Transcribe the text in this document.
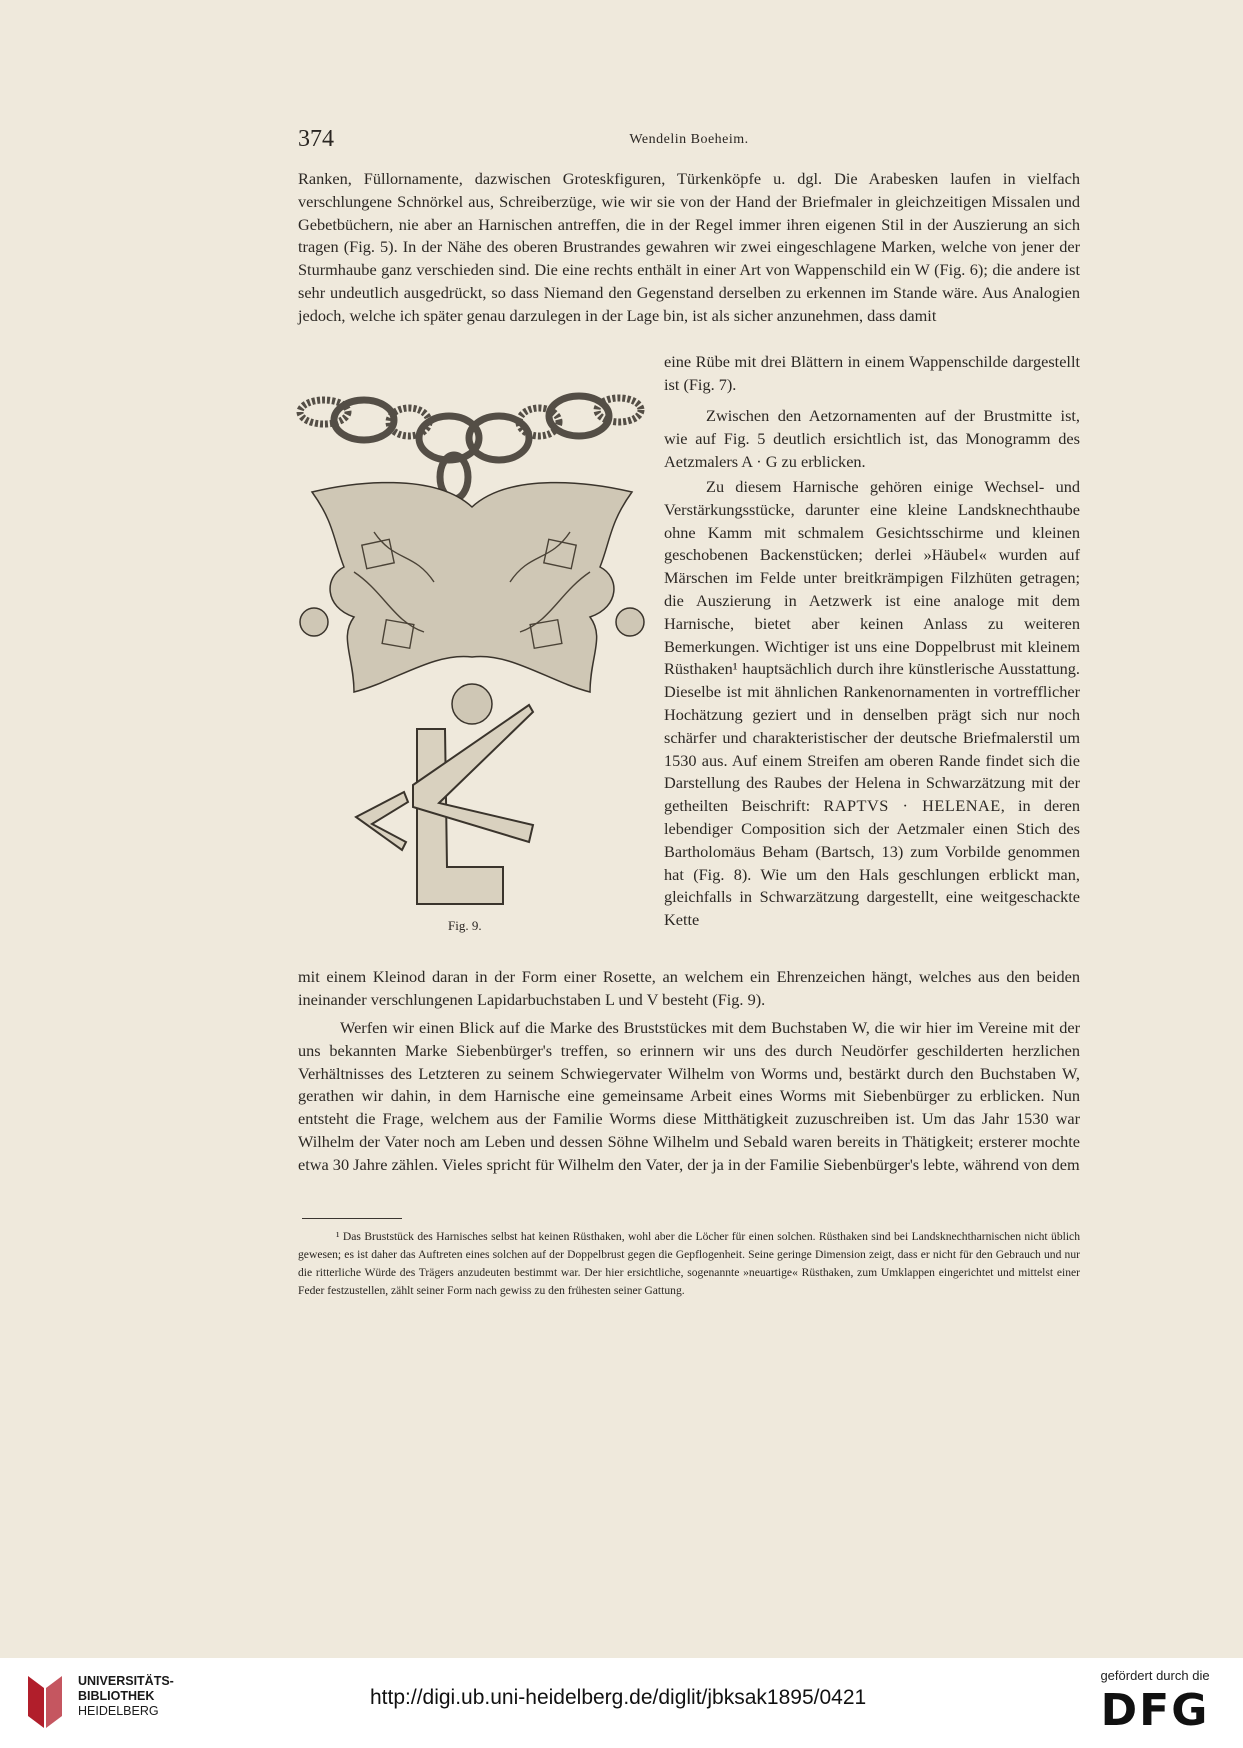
374	Wendelin Boeheim.

Ranken, Füllornamente, dazwischen Groteskfiguren, Türkenköpfe u. dgl. Die Arabesken laufen in vielfach verschlungene Schnörkel aus, Schreiberzüge, wie wir sie von der Hand der Briefmaler in gleichzeitigen Missalen und Gebetbüchern, nie aber an Harnischen antreffen, die in der Regel immer ihren eigenen Stil in der Auszierung an sich tragen (Fig. 5). In der Nähe des oberen Brustrandes gewahren wir zwei eingeschlagene Marken, welche von jener der Sturmhaube ganz verschieden sind. Die eine rechts enthält in einer Art von Wappenschild ein W (Fig. 6); die andere ist sehr undeutlich ausgedrückt, so dass Niemand den Gegenstand derselben zu erkennen im Stande wäre. Aus Analogien jedoch, welche ich später genau darzulegen in der Lage bin, ist als sicher anzunehmen, dass damit

eine Rübe mit drei Blättern in einem Wappenschilde dargestellt ist (Fig. 7).

Zwischen den Aetzornamenten auf der Brustmitte ist, wie auf Fig. 5 deutlich ersichtlich ist, das Monogramm des Aetzmalers A · G zu erblicken.

Zu diesem Harnische gehören einige Wechsel- und Verstärkungsstücke, darunter eine kleine Landsknechthaube ohne Kamm mit schmalem Gesichtsschirme und kleinen geschobenen Backenstücken; derlei »Häubel« wurden auf Märschen im Felde unter breitkrämpigen Filzhüten getragen; die Auszierung in Aetzwerk ist eine analoge mit dem Harnische, bietet aber keinen Anlass zu weiteren Bemerkungen. Wichtiger ist uns eine Doppelbrust mit kleinem Rüsthaken¹ hauptsächlich durch ihre künstlerische Ausstattung. Dieselbe ist mit ähnlichen Rankenornamenten in vortrefflicher Hochätzung geziert und in denselben prägt sich nur noch schärfer und charakteristischer der deutsche Briefmalerstil um 1530 aus. Auf einem Streifen am oberen Rande findet sich die Darstellung des Raubes der Helena in Schwarzätzung mit der getheilten Beischrift: RAPTVS · HELENAE, in deren lebendiger Composition sich der Aetzmaler einen Stich des Bartholomäus Beham (Bartsch, 13) zum Vorbilde genommen hat (Fig. 8). Wie um den Hals geschlungen erblickt man, gleichfalls in Schwarzätzung dargestellt, eine weitgeschackte Kette

mit einem Kleinod daran in der Form einer Rosette, an welchem ein Ehrenzeichen hängt, welches aus den beiden ineinander verschlungenen Lapidarbuchstaben L und V besteht (Fig. 9).

Werfen wir einen Blick auf die Marke des Bruststückes mit dem Buchstaben W, die wir hier im Vereine mit der uns bekannten Marke Siebenbürger's treffen, so erinnern wir uns des durch Neudörfer geschilderten herzlichen Verhältnisses des Letzteren zu seinem Schwiegervater Wilhelm von Worms und, bestärkt durch den Buchstaben W, gerathen wir dahin, in dem Harnische eine gemeinsame Arbeit eines Worms mit Siebenbürger zu erblicken. Nun entsteht die Frage, welchem aus der Familie Worms diese Mitthätigkeit zuzuschreiben ist. Um das Jahr 1530 war Wilhelm der Vater noch am Leben und dessen Söhne Wilhelm und Sebald waren bereits in Thätigkeit; ersterer mochte etwa 30 Jahre zählen. Vieles spricht für Wilhelm den Vater, der ja in der Familie Siebenbürger's lebte, während von dem

¹ Das Bruststück des Harnisches selbst hat keinen Rüsthaken, wohl aber die Löcher für einen solchen. Rüsthaken sind bei Landsknechtharnischen nicht üblich gewesen; es ist daher das Auftreten eines solchen auf der Doppelbrust gegen die Gepflogenheit. Seine geringe Dimension zeigt, dass er nicht für den Gebrauch und nur die ritterliche Würde des Trägers anzudeuten bestimmt war. Der hier ersichtliche, sogenannte »neuartige« Rüsthaken, zum Umklappen eingerichtet und mittelst einer Feder festzustellen, zählt seiner Form nach gewiss zu den frühesten seiner Gattung.

Fig. 9.
UNIVERSITÄTS-
BIBLIOTHEK
HEIDELBERG
http://digi.ub.uni-heidelberg.de/diglit/jbksak1895/0421
gefördert durch die
DFG
